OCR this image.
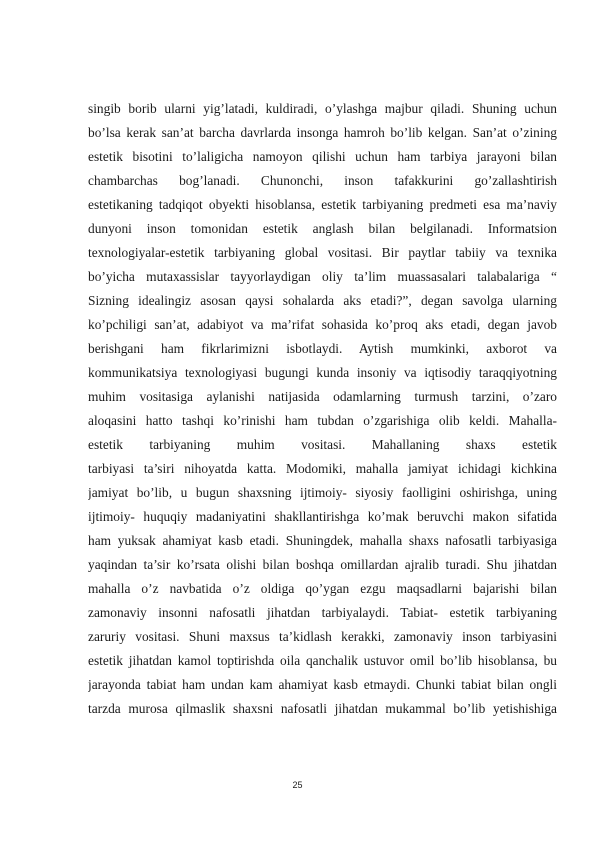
singib borib ularni yig’latadi, kuldiradi, o’ylashga majbur qiladi. Shuning uchun
bo’lsa kerak san’at barcha davrlarda insonga hamroh bo’lib kelgan. San’at o’zining
estetik bisotini to’laligicha namoyon qilishi uchun ham tarbiya jarayoni bilan
chambarchas bog’lanadi. Chunonchi, inson tafakkurini go’zallashtirish
estetikaning tadqiqot obyekti hisoblansa, estetik tarbiyaning predmeti esa ma’naviy
dunyoni inson tomonidan estetik anglash bilan belgilanadi. Informatsion
texnologiyalar-estetik tarbiyaning global vositasi. Bir paytlar tabiiy va texnika
bo’yicha mutaxassislar tayyorlaydigan oliy ta’lim muassasalari talabalariga “
Sizning idealingiz asosan qaysi sohalarda aks etadi?”, degan savolga ularning
ko’pchiligi san’at, adabiyot va ma’rifat sohasida ko’proq aks etadi, degan javob
berishgani ham fikrlarimizni isbotlaydi. Aytish mumkinki, axborot va
kommunikatsiya texnologiyasi bugungi kunda insoniy va iqtisodiy taraqqiyotning
muhim vositasiga aylanishi natijasida odamlarning turmush tarzini, o’zaro
aloqasini hatto tashqi ko’rinishi ham tubdan o’zgarishiga olib keldi. Mahalla-
estetik tarbiyaning muhim vositasi. Mahallaning shaxs estetik
tarbiyasi ta’siri nihoyatda katta. Modomiki, mahalla jamiyat ichidagi kichkina
jamiyat bo’lib, u bugun shaxsning ijtimoiy- siyosiy faolligini oshirishga, uning
ijtimoiy- huquqiy madaniyatini shakllantirishga ko’mak beruvchi makon sifatida
ham yuksak ahamiyat kasb etadi. Shuningdek, mahalla shaxs nafosatli tarbiyasiga
yaqindan ta’sir ko’rsata olishi bilan boshqa omillardan ajralib turadi. Shu jihatdan
mahalla o’z navbatida o’z oldiga qo’ygan ezgu maqsadlarni bajarishi bilan
zamonaviy insonni nafosatli jihatdan tarbiyalaydi. Tabiat- estetik tarbiyaning
zaruriy vositasi. Shuni maxsus ta’kidlash kerakki, zamonaviy inson tarbiyasini
estetik jihatdan kamol toptirishda oila qanchalik ustuvor omil bo’lib hisoblansa, bu
jarayonda tabiat ham undan kam ahamiyat kasb etmaydi. Chunki tabiat bilan ongli
tarzda murosa qilmaslik shaxsni nafosatli jihatdan mukammal bo’lib yetishishiga
25
